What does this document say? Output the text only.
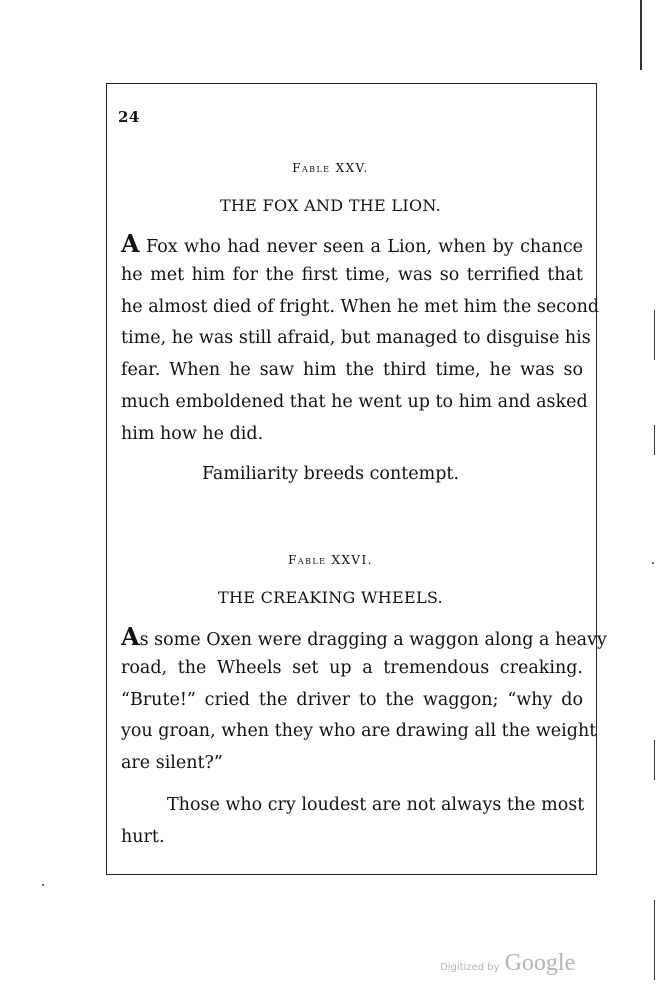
24
Fable XXV.
THE FOX AND THE LION.
A Fox who had never seen a Lion, when by chance
he met him for the first time, was so terrified that
he almost died of fright. When he met him the second
time, he was still afraid, but managed to disguise his
fear. When he saw him the third time, he was so
much emboldened that he went up to him and asked
him how he did.
Familiarity breeds contempt.
Fable XXVI.
THE CREAKING WHEELS.
As some Oxen were dragging a waggon along a heavy
road, the Wheels set up a tremendous creaking.
“Brute!” cried the driver to the waggon; “why do
you groan, when they who are drawing all the weight
are silent?”
Those who cry loudest are not always the most
hurt.
Digitized by Google
